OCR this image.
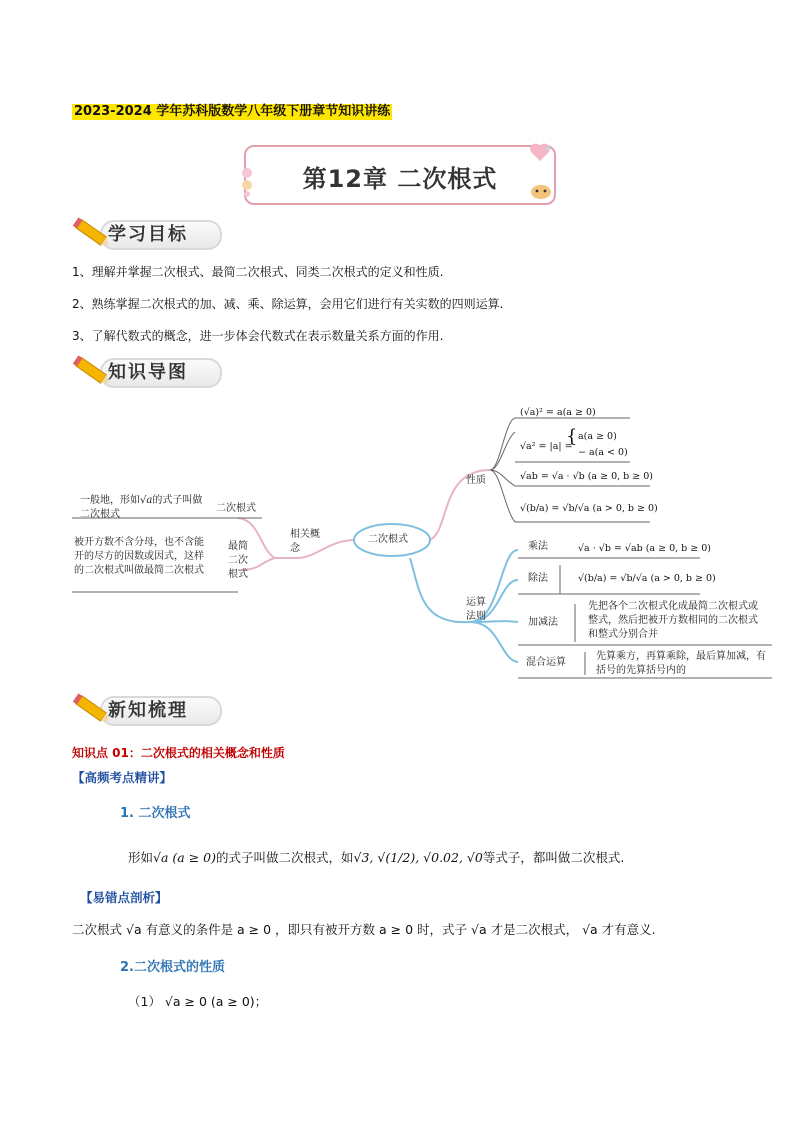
2023-2024 学年苏科版数学八年级下册章节知识讲练
第12章 二次根式
学习目标
1、理解并掌握二次根式、最简二次根式、同类二次根式的定义和性质.
2、熟练掌握二次根式的加、减、乘、除运算，会用它们进行有关实数的四则运算.
3、了解代数式的概念，进一步体会代数式在表示数量关系方面的作用.
知识导图
二次根式
相关概念
二次根式
一般地，形如√a的式子叫做二次根式
最简二次根式
被开方数不含分母，也不含能开的尽方的因数或因式，这样的二次根式叫做最简二次根式
性质
(√a)² = a(a ≥ 0)
√a² = |a| =
{ a(a ≥ 0)
− a(a < 0)
√ab = √a · √b (a ≥ 0, b ≥ 0)
√(b/a) = √b/√a (a > 0, b ≥ 0)
运算法则
乘法	√a · √b = √ab (a ≥ 0, b ≥ 0)
除法	√(b/a) = √b/√a (a > 0, b ≥ 0)
加减法
先把各个二次根式化成最简二次根式或整式，然后把被开方数相同的二次根式和整式分别合并
混合运算
先算乘方，再算乘除，最后算加减，有括号的先算括号内的
新知梳理
知识点 01：二次根式的相关概念和性质
【高频考点精讲】
1. 二次根式
形如√a (a ≥ 0)的式子叫做二次根式，如√3, √(1/2), √0.02, √0等式子，都叫做二次根式.
【易错点剖析】
二次根式 √a 有意义的条件是 a ≥ 0 ，即只有被开方数 a ≥ 0 时，式子 √a 才是二次根式， √a 才有意义.
2.二次根式的性质
（1） √a ≥ 0 (a ≥ 0)；
